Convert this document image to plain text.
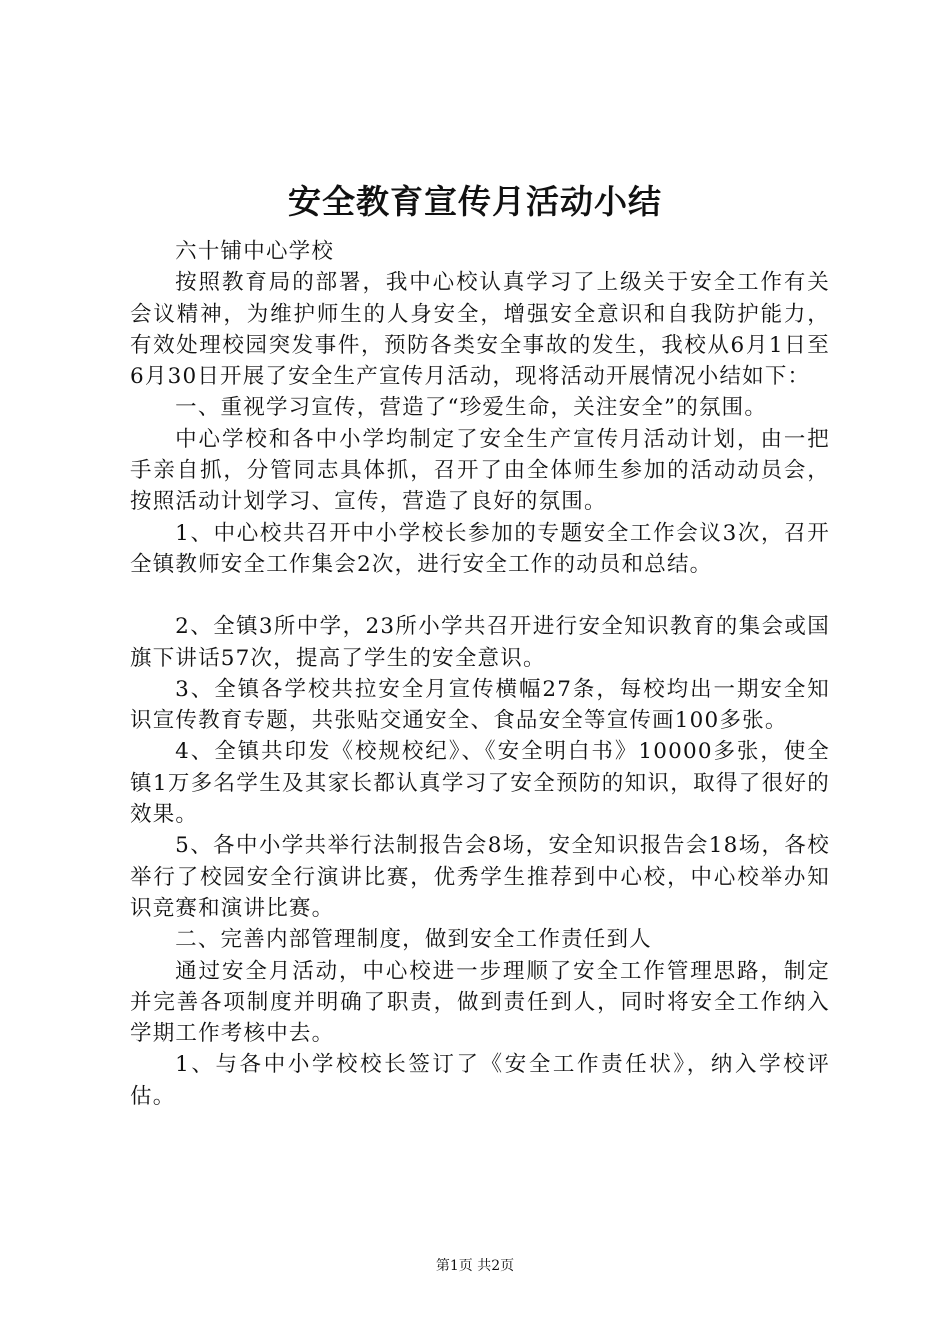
安全教育宣传月活动小结

六十铺中心学校

按照教育局的部署，我中心校认真学习了上级关于安全工作有关会议精神，为维护师生的人身安全，增强安全意识和自我防护能力，有效处理校园突发事件，预防各类安全事故的发生，我校从6月1日至6月30日开展了安全生产宣传月活动，现将活动开展情况小结如下：

一、重视学习宣传，营造了“珍爱生命，关注安全”的氛围。

中心学校和各中小学均制定了安全生产宣传月活动计划，由一把手亲自抓，分管同志具体抓，召开了由全体师生参加的活动动员会，按照活动计划学习、宣传，营造了良好的氛围。

1、中心校共召开中小学校长参加的专题安全工作会议3次，召开全镇教师安全工作集会2次，进行安全工作的动员和总结。

2、全镇3所中学，23所小学共召开进行安全知识教育的集会或国旗下讲话57次，提高了学生的安全意识。

3、全镇各学校共拉安全月宣传横幅27条，每校均出一期安全知识宣传教育专题，共张贴交通安全、食品安全等宣传画100多张。

4、全镇共印发《校规校纪》、《安全明白书》10000多张，使全镇1万多名学生及其家长都认真学习了安全预防的知识，取得了很好的效果。

5、各中小学共举行法制报告会8场，安全知识报告会18场，各校举行了校园安全行演讲比赛，优秀学生推荐到中心校，中心校举办知识竞赛和演讲比赛。

二、完善内部管理制度，做到安全工作责任到人

通过安全月活动，中心校进一步理顺了安全工作管理思路，制定并完善各项制度并明确了职责，做到责任到人，同时将安全工作纳入学期工作考核中去。

1、与各中小学校校长签订了《安全工作责任状》，纳入学校评估。

第1页 共2页
